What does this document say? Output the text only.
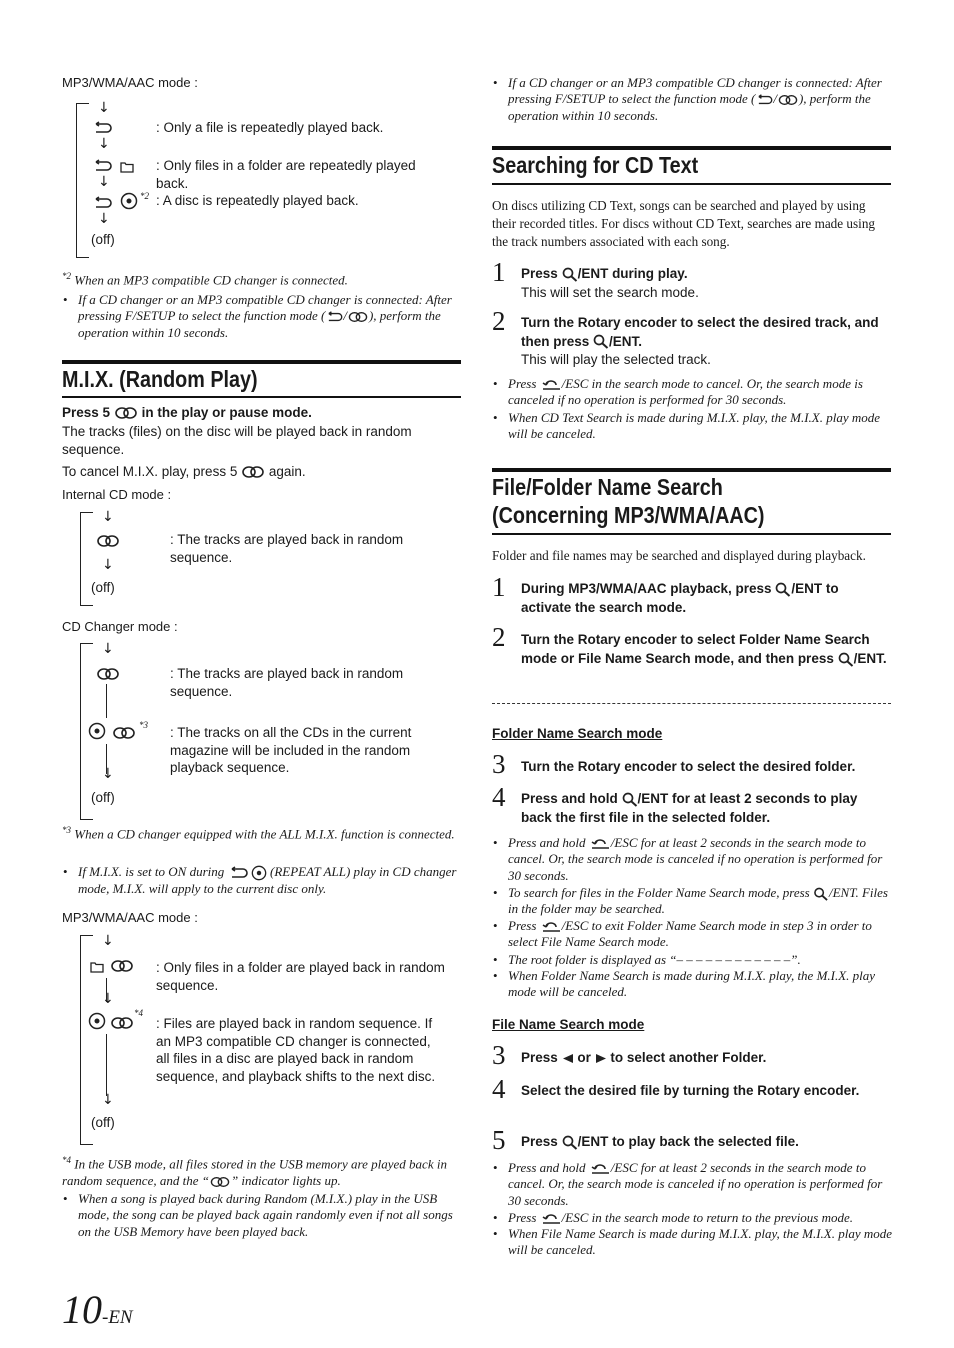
MP3/WMA/AAC mode :
↓
: Only a file is repeatedly played back.
↓
: Only files in a folder are repeatedly played back.
↓
*2 : A disc is repeatedly played back.
↓
(off)
$^{*2}$ When an MP3 compatible CD changer is connected.
• If a CD changer or an MP3 compatible CD changer is connected: After pressing F/SETUP to select the function mode ( / ), perform the operation within 10 seconds.
M.I.X. (Random Play)
Press 5 in the play or pause mode.
The tracks (files) on the disc will be played back in random sequence.
To cancel M.I.X. play, press 5 again.
Internal CD mode :
↓
: The tracks are played back in random sequence.
↓
(off)
CD Changer mode :
↓
: The tracks are played back in random sequence.
*3 : The tracks on all the CDs in the current magazine will be included in the random playback sequence.
↓
(off)
$^{*3}$ When a CD changer equipped with the ALL M.I.X. function is connected.
• If M.I.X. is set to ON during	(REPEAT ALL) play in CD changer mode, M.I.X. will apply to the current disc only.
MP3/WMA/AAC mode :
↓
: Only files in a folder are played back in random sequence.
↓
*4
: Files are played back in random sequence. If an MP3 compatible CD changer is connected, all files in a disc are played back in random sequence, and playback shifts to the next disc.
↓
(off)
$^{*4}$ In the USB mode, all files stored in the USB memory are played back in random sequence, and the “ ” indicator lights up.
• When a song is played back during Random (M.I.X.) play in the USB mode, the song can be played back again randomly even if not all songs on the USB Memory have been played back.
• If a CD changer or an MP3 compatible CD changer is connected: After pressing F/SETUP to select the function mode ( / ), perform the operation within 10 seconds.
Searching for CD Text
On discs utilizing CD Text, songs can be searched and played by using their recorded titles. For discs without CD Text, searches are made using the track numbers associated with each song.
1 Press /ENT during play.
This will set the search mode.
2 Turn the Rotary encoder to select the desired track, and then press /ENT.
This will play the selected track.
• Press /ESC in the search mode to cancel. Or, the search mode is canceled if no operation is performed for 30 seconds.
• When CD Text Search is made during M.I.X. play, the M.I.X. play mode will be canceled.
File/Folder Name Search
(Concerning MP3/WMA/AAC)
Folder and file names may be searched and displayed during playback.
1 During MP3/WMA/AAC playback, press /ENT to activate the search mode.
2 Turn the Rotary encoder to select Folder Name Search mode or File Name Search mode, and then press /ENT.
Folder Name Search mode
3 Turn the Rotary encoder to select the desired folder.
4 Press and hold /ENT for at least 2 seconds to play back the first file in the selected folder.
• Press and hold /ESC for at least 2 seconds in the search mode to cancel. Or, the search mode is canceled if no operation is performed for 30 seconds.
• To search for files in the Folder Name Search mode, press /ENT. Files in the folder may be searched.
• Press /ESC to exit Folder Name Search mode in step 3 in order to select File Name Search mode.
• The root folder is displayed as “– – – – – – – – – – – –”.
• When Folder Name Search is made during M.I.X. play, the M.I.X. play mode will be canceled.
File Name Search mode
3 Press or to select another Folder.
4 Select the desired file by turning the Rotary encoder.
5 Press /ENT to play back the selected file.
• Press and hold /ESC for at least 2 seconds in the search mode to cancel. Or, the search mode is canceled if no operation is performed for 30 seconds.
• Press /ESC in the search mode to return to the previous mode.
• When File Name Search is made during M.I.X. play, the M.I.X. play mode will be canceled.
10-EN
